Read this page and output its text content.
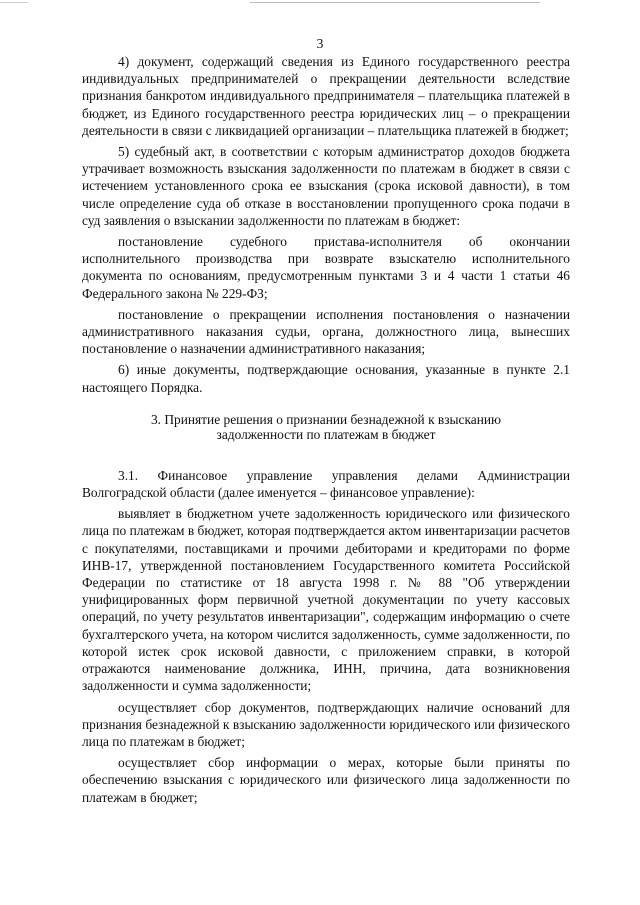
3

4) документ, содержащий сведения из Единого государственного реестра индивидуальных предпринимателей о прекращении деятельности вследствие признания банкротом индивидуального предпринимателя – плательщика платежей в бюджет, из Единого государственного реестра юридических лиц – о прекращении деятельности в связи с ликвидацией организации – плательщика платежей в бюджет;

5) судебный акт, в соответствии с которым администратор доходов бюджета утрачивает возможность взыскания задолженности по платежам в бюджет в связи с истечением установленного срока ее взыскания (срока исковой давности), в том числе определение суда об отказе в восстановлении пропущенного срока подачи в суд заявления о взыскании задолженности по платежам в бюджет:

постановление судебного пристава-исполнителя об окончании исполнительного производства при возврате взыскателю исполнительного документа по основаниям, предусмотренным пунктами 3 и 4 части 1 статьи 46 Федерального закона № 229-ФЗ;

постановление о прекращении исполнения постановления о назначении административного наказания судьи, органа, должностного лица, вынесших постановление о назначении административного наказания;

6) иные документы, подтверждающие основания, указанные в пункте 2.1 настоящего Порядка.

3. Принятие решения о признании безнадежной к взысканию
задолженности по платежам в бюджет

3.1. Финансовое управление управления делами Администрации Волгоградской области (далее именуется – финансовое управление):

выявляет в бюджетном учете задолженность юридического или физического лица по платежам в бюджет, которая подтверждается актом инвентаризации расчетов с покупателями, поставщиками и прочими дебиторами и кредиторами по форме ИНВ-17, утвержденной постановлением Государственного комитета Российской Федерации по статистике от 18 августа 1998 г. № 88 "Об утверждении унифицированных форм первичной учетной документации по учету кассовых операций, по учету результатов инвентаризации", содержащим информацию о счете бухгалтерского учета, на котором числится задолженность, сумме задолженности, по которой истек срок исковой давности, с приложением справки, в которой отражаются наименование должника, ИНН, причина, дата возникновения задолженности и сумма задолженности;

осуществляет сбор документов, подтверждающих наличие оснований для признания безнадежной к взысканию задолженности юридического или физического лица по платежам в бюджет;

осуществляет сбор информации о мерах, которые были приняты по обеспечению взыскания с юридического или физического лица задолженности по платежам в бюджет;
